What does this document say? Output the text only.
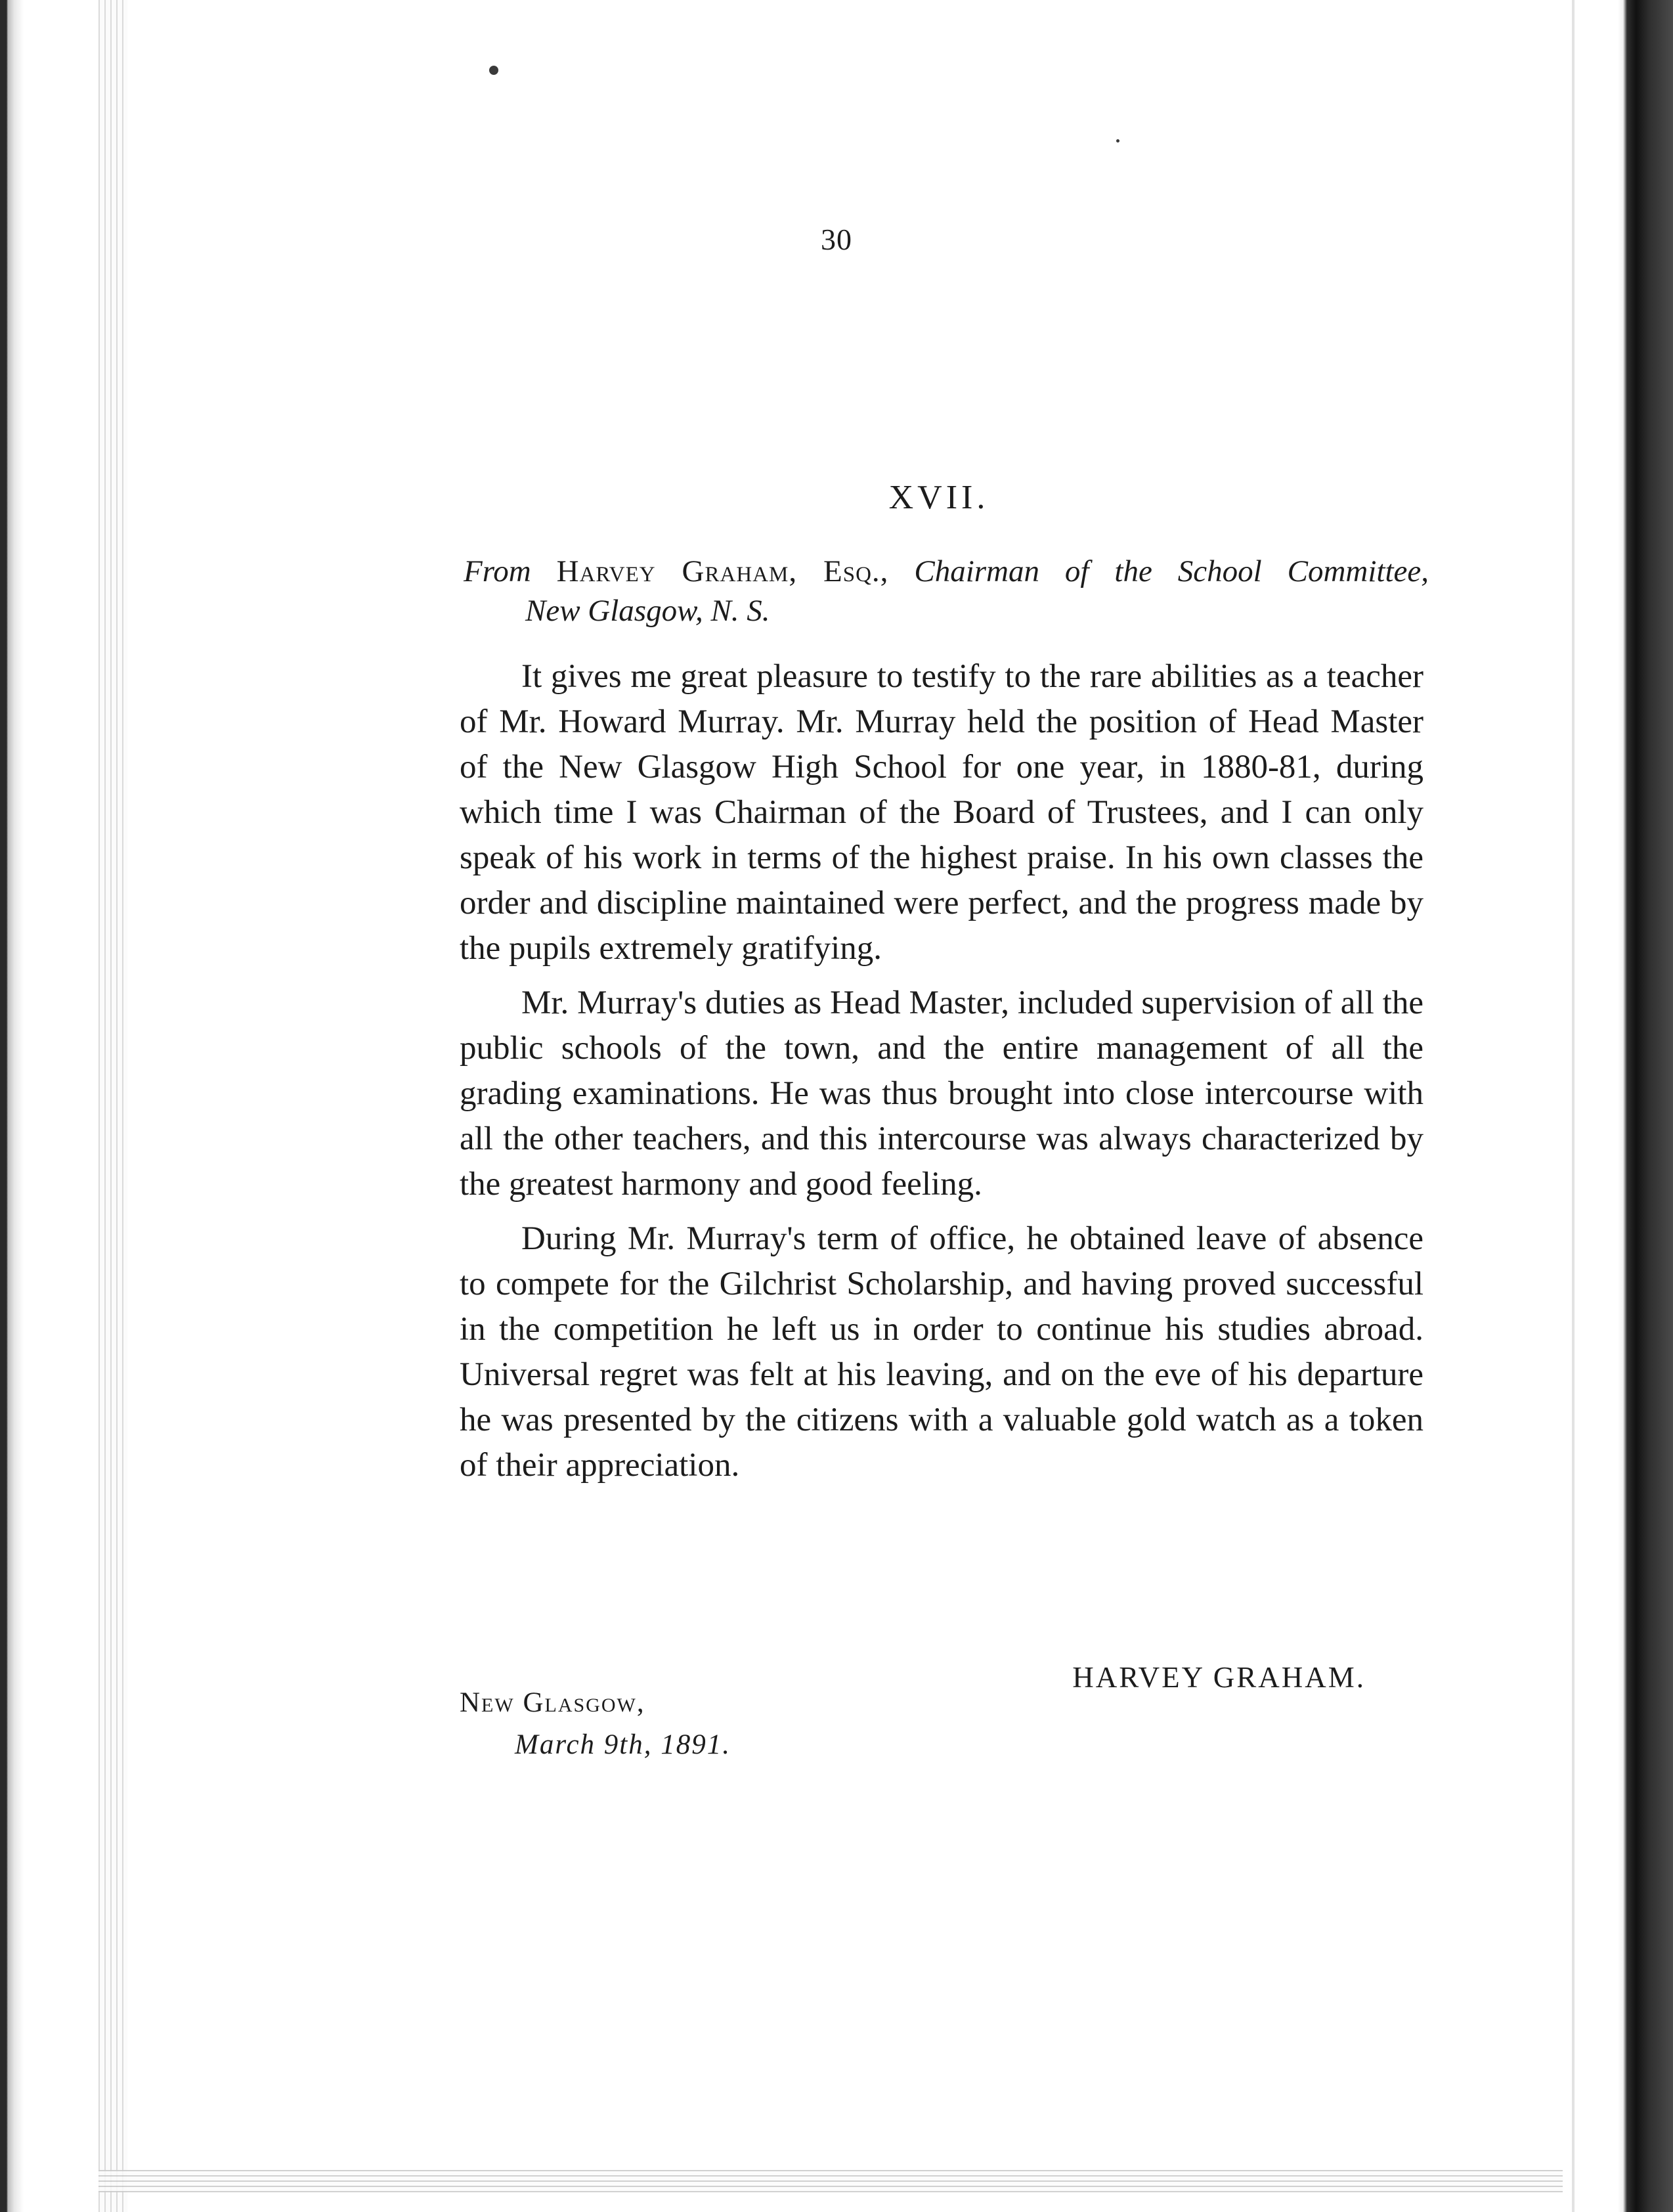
30
XVII.
From Harvey Graham, Esq., Chairman of the School Committee,
New Glasgow, N. S.

It gives me great pleasure to testify to the rare abilities as a teacher of Mr. Howard Murray. Mr. Murray held the position of Head Master of the New Glasgow High School for one year, in 1880-81, during which time I was Chairman of the Board of Trustees, and I can only speak of his work in terms of the highest praise. In his own classes the order and discipline maintained were perfect, and the progress made by the pupils extremely gratifying.

Mr. Murray's duties as Head Master, included supervision of all the public schools of the town, and the entire management of all the grading examinations. He was thus brought into close intercourse with all the other teachers, and this intercourse was always characterized by the greatest harmony and good feeling.

During Mr. Murray's term of office, he obtained leave of absence to compete for the Gilchrist Scholarship, and having proved successful in the competition he left us in order to continue his studies abroad. Universal regret was felt at his leaving, and on the eve of his departure he was presented by the citizens with a valuable gold watch as a token of their appreciation.

HARVEY GRAHAM.
New Glasgow,
March 9th, 1891.
